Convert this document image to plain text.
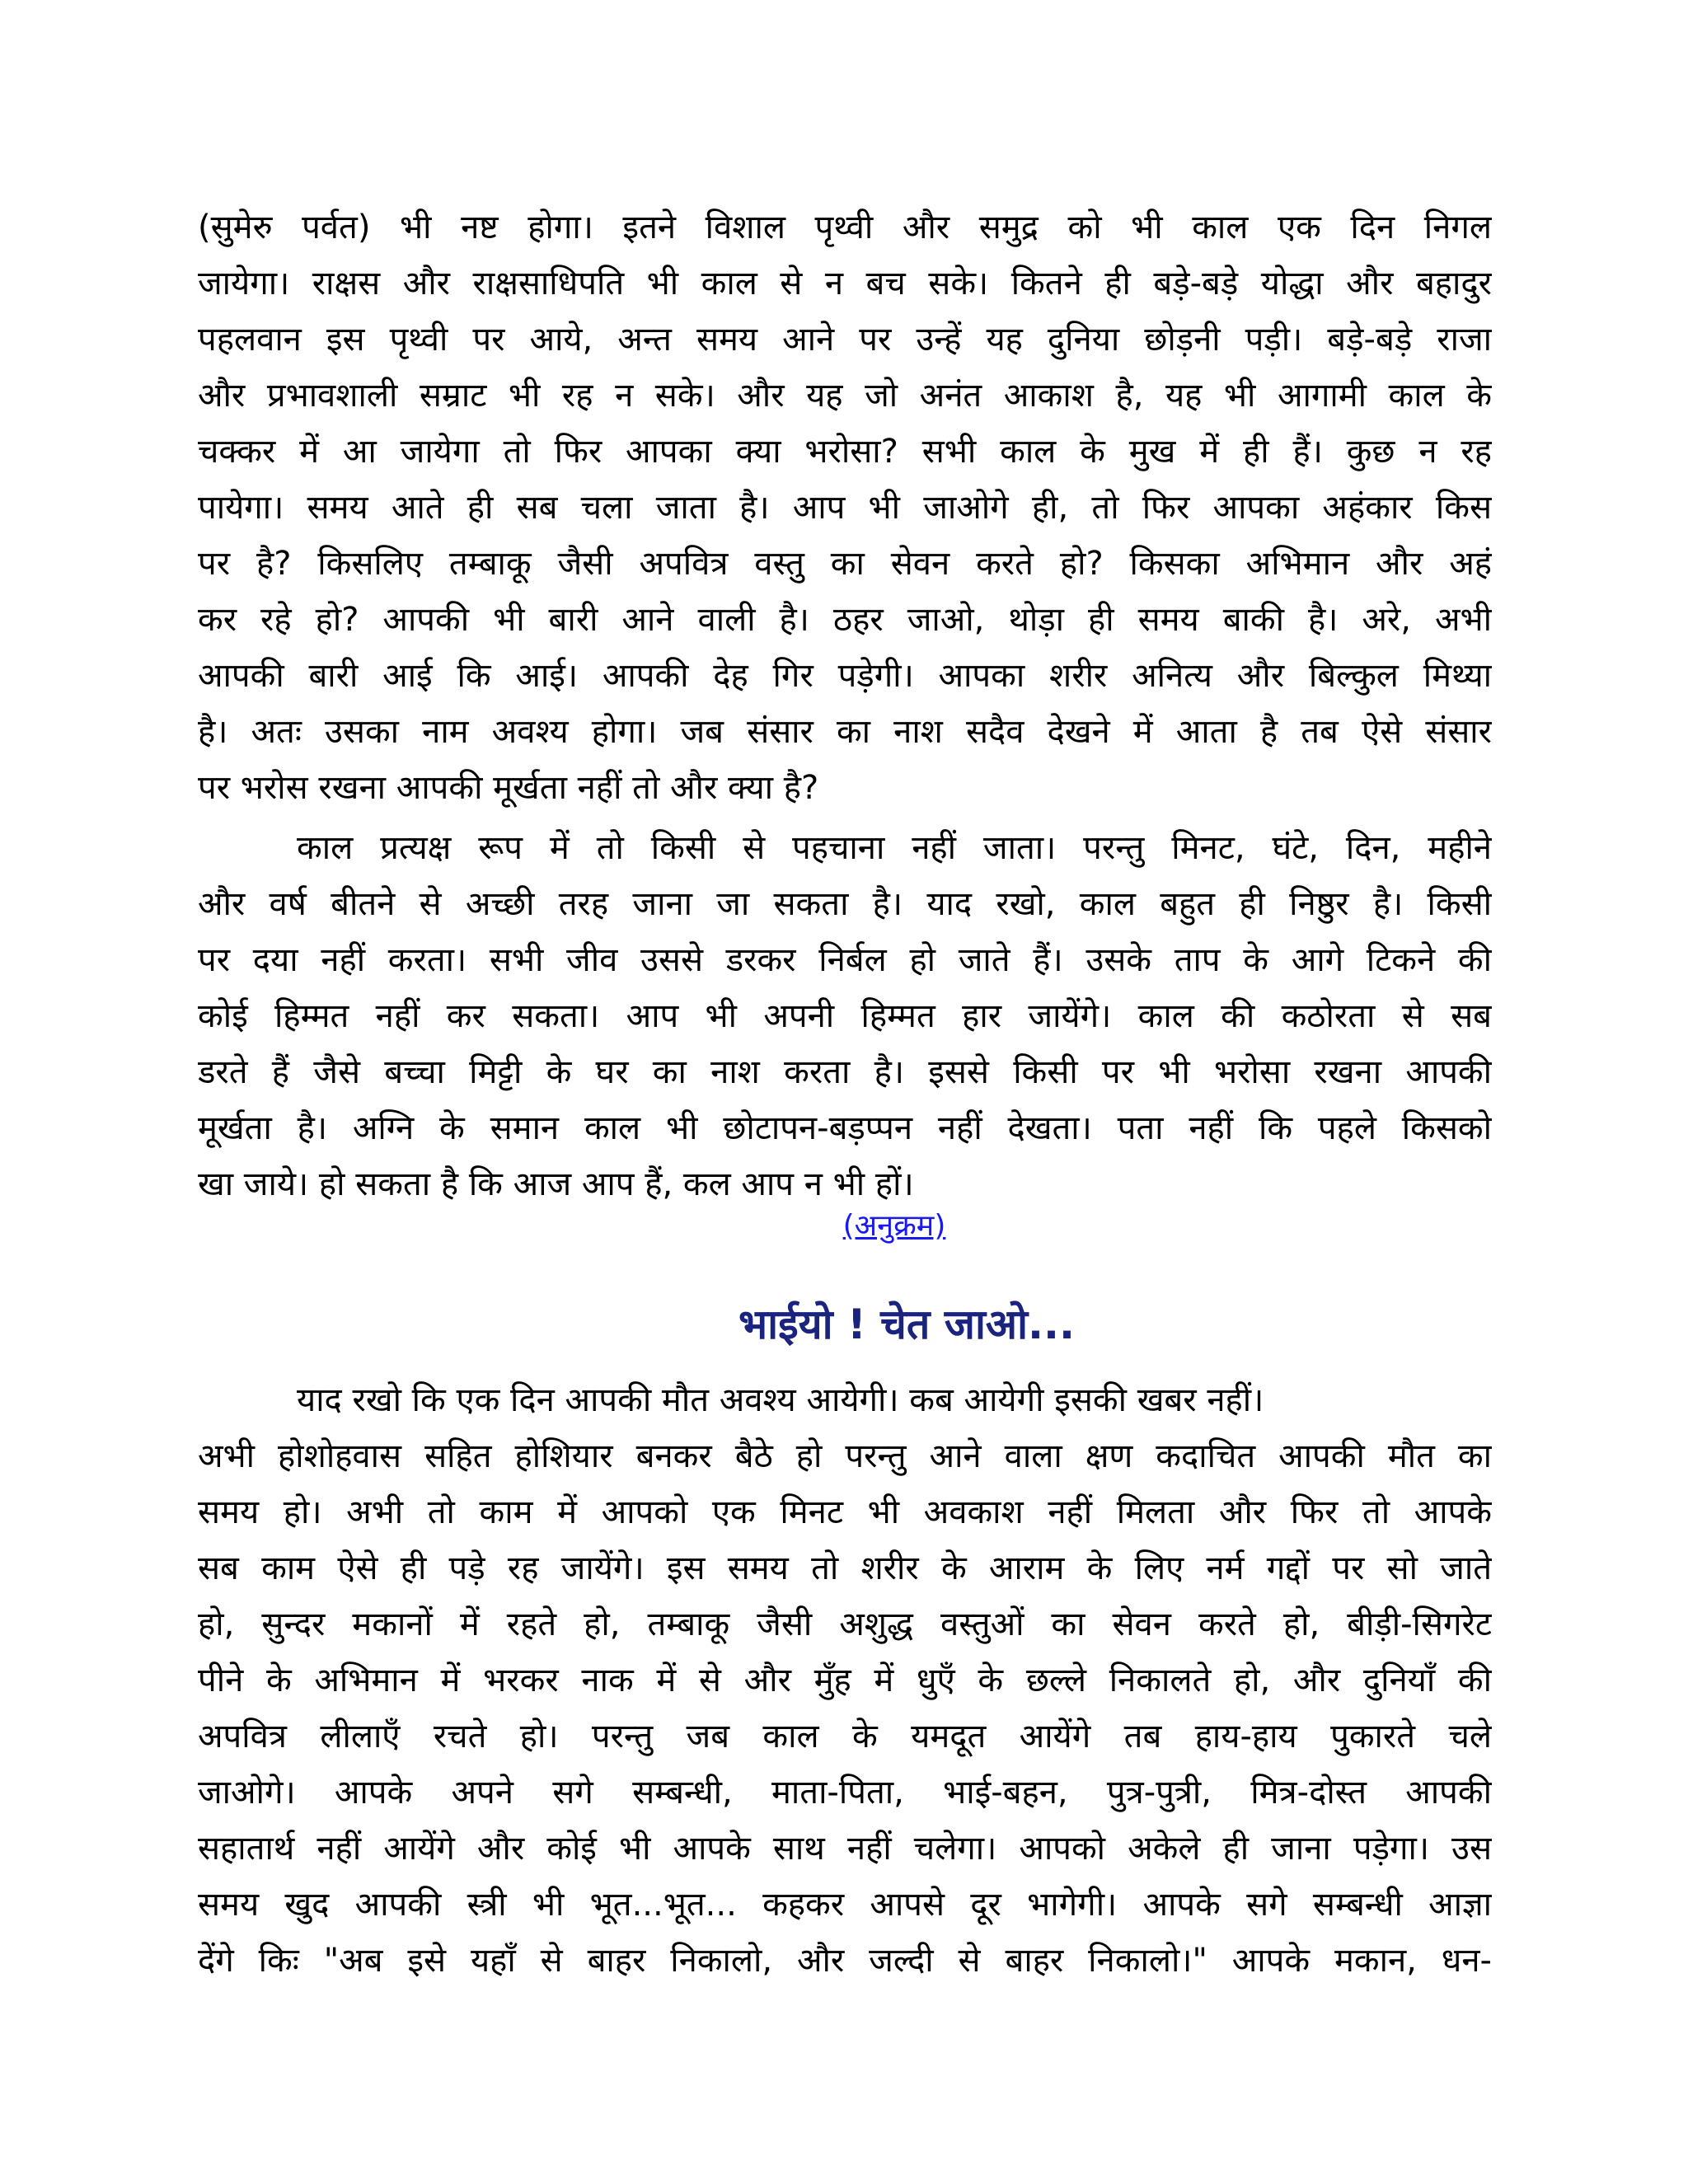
(सुमेरु पर्वत) भी नष्ट होगा। इतने विशाल पृथ्वी और समुद्र को भी काल एक दिन निगल
जायेगा। राक्षस और राक्षसाधिपति भी काल से न बच सके। कितने ही बड़े-बड़े योद्धा और बहादुर
पहलवान इस पृथ्वी पर आये, अन्त समय आने पर उन्हें यह दुनिया छोड़नी पड़ी। बड़े-बड़े राजा
और प्रभावशाली सम्राट भी रह न सके। और यह जो अनंत आकाश है, यह भी आगामी काल के
चक्कर में आ जायेगा तो फिर आपका क्या भरोसा? सभी काल के मुख में ही हैं। कुछ न रह
पायेगा। समय आते ही सब चला जाता है। आप भी जाओगे ही, तो फिर आपका अहंकार किस
पर है? किसलिए तम्बाकू जैसी अपवित्र वस्तु का सेवन करते हो? किसका अभिमान और अहं
कर रहे हो? आपकी भी बारी आने वाली है। ठहर जाओ, थोड़ा ही समय बाकी है। अरे, अभी
आपकी बारी आई कि आई। आपकी देह गिर पड़ेगी। आपका शरीर अनित्य और बिल्कुल मिथ्या
है। अतः उसका नाम अवश्य होगा। जब संसार का नाश सदैव देखने में आता है तब ऐसे संसार
पर भरोस रखना आपकी मूर्खता नहीं तो और क्या है?
काल प्रत्यक्ष रूप में तो किसी से पहचाना नहीं जाता। परन्तु मिनट, घंटे, दिन, महीने
और वर्ष बीतने से अच्छी तरह जाना जा सकता है। याद रखो, काल बहुत ही निष्ठुर है। किसी
पर दया नहीं करता। सभी जीव उससे डरकर निर्बल हो जाते हैं। उसके ताप के आगे टिकने की
कोई हिम्मत नहीं कर सकता। आप भी अपनी हिम्मत हार जायेंगे। काल की कठोरता से सब
डरते हैं जैसे बच्चा मिट्टी के घर का नाश करता है। इससे किसी पर भी भरोसा रखना आपकी
मूर्खता है। अग्नि के समान काल भी छोटापन-बड़प्पन नहीं देखता। पता नहीं कि पहले किसको
खा जाये। हो सकता है कि आज आप हैं, कल आप न भी हों।
(अनुक्रम)
भाईयो ! चेत जाओ...
याद रखो कि एक दिन आपकी मौत अवश्य आयेगी। कब आयेगी इसकी खबर नहीं।
अभी होशोहवास सहित होशियार बनकर बैठे हो परन्तु आने वाला क्षण कदाचित आपकी मौत का
समय हो। अभी तो काम में आपको एक मिनट भी अवकाश नहीं मिलता और फिर तो आपके
सब काम ऐसे ही पड़े रह जायेंगे। इस समय तो शरीर के आराम के लिए नर्म गद्दों पर सो जाते
हो, सुन्दर मकानों में रहते हो, तम्बाकू जैसी अशुद्ध वस्तुओं का सेवन करते हो, बीड़ी-सिगरेट
पीने के अभिमान में भरकर नाक में से और मुँह में धुएँ के छल्ले निकालते हो, और दुनियाँ की
अपवित्र लीलाएँ रचते हो। परन्तु जब काल के यमदूत आयेंगे तब हाय-हाय पुकारते चले
जाओगे। आपके अपने सगे सम्बन्धी, माता-पिता, भाई-बहन, पुत्र-पुत्री, मित्र-दोस्त आपकी
सहातार्थ नहीं आयेंगे और कोई भी आपके साथ नहीं चलेगा। आपको अकेले ही जाना पड़ेगा। उस
समय खुद आपकी स्त्री भी भूत...भूत... कहकर आपसे दूर भागेगी। आपके सगे सम्बन्धी आज्ञा
देंगे किः "अब इसे यहाँ से बाहर निकालो, और जल्दी से बाहर निकालो।" आपके मकान, धन-
